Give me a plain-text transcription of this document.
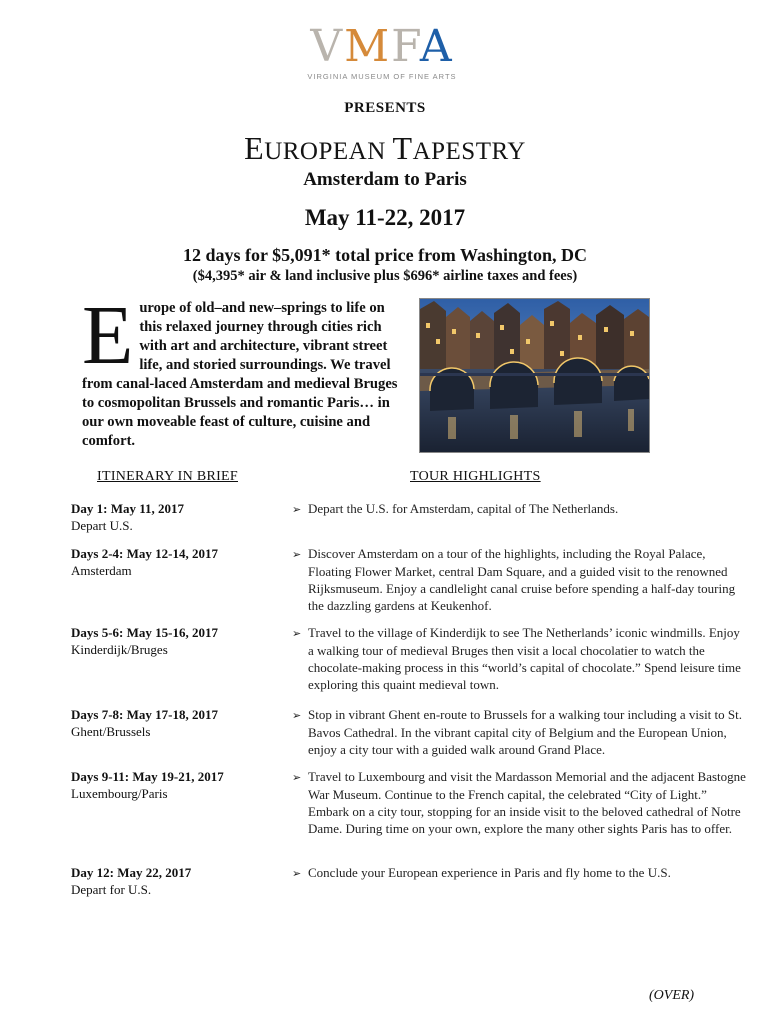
VMFA
VIRGINIA MUSEUM OF FINE ARTS
PRESENTS
EUROPEAN TAPESTRY
Amsterdam to Paris
May 11-22, 2017
12 days for $5,091* total price from Washington, DC
($4,395* air & land inclusive plus $696* airline taxes and fees)
E urope of old–and new–springs to life on this relaxed journey through cities rich with art and architecture, vibrant street life, and storied surroundings. We travel from canal-laced Amsterdam and medieval Bruges to cosmopolitan Brussels and romantic Paris… in our own moveable feast of culture, cuisine and comfort.
ITINERARY IN BRIEF	TOUR HIGHLIGHTS
Day 1: May 11, 2017
Depart U.S.
➢ Depart the U.S. for Amsterdam, capital of The Netherlands.
Days 2-4: May 12-14, 2017
Amsterdam
➢ Discover Amsterdam on a tour of the highlights, including the Royal Palace, Floating Flower Market, central Dam Square, and a guided visit to the renowned Rijksmuseum. Enjoy a candlelight canal cruise before spending a half-day touring the dazzling gardens at Keukenhof.
Days 5-6: May 15-16, 2017
Kinderdijk/Bruges
➢ Travel to the village of Kinderdijk to see The Netherlands’ iconic windmills. Enjoy a walking tour of medieval Bruges then visit a local chocolatier to watch the chocolate-making process in this “world’s capital of chocolate.” Spend leisure time exploring this quaint medieval town.
Days 7-8: May 17-18, 2017
Ghent/Brussels
➢ Stop in vibrant Ghent en-route to Brussels for a walking tour including a visit to St. Bavos Cathedral. In the vibrant capital city of Belgium and the European Union, enjoy a city tour with a guided walk around Grand Place.
Days 9-11: May 19-21, 2017
Luxembourg/Paris
➢ Travel to Luxembourg and visit the Mardasson Memorial and the adjacent Bastogne War Museum. Continue to the French capital, the celebrated “City of Light.” Embark on a city tour, stopping for an inside visit to the beloved cathedral of Notre Dame. During time on your own, explore the many other sights Paris has to offer.
Day 12: May 22, 2017
Depart for U.S.
➢ Conclude your European experience in Paris and fly home to the U.S.
(OVER)
